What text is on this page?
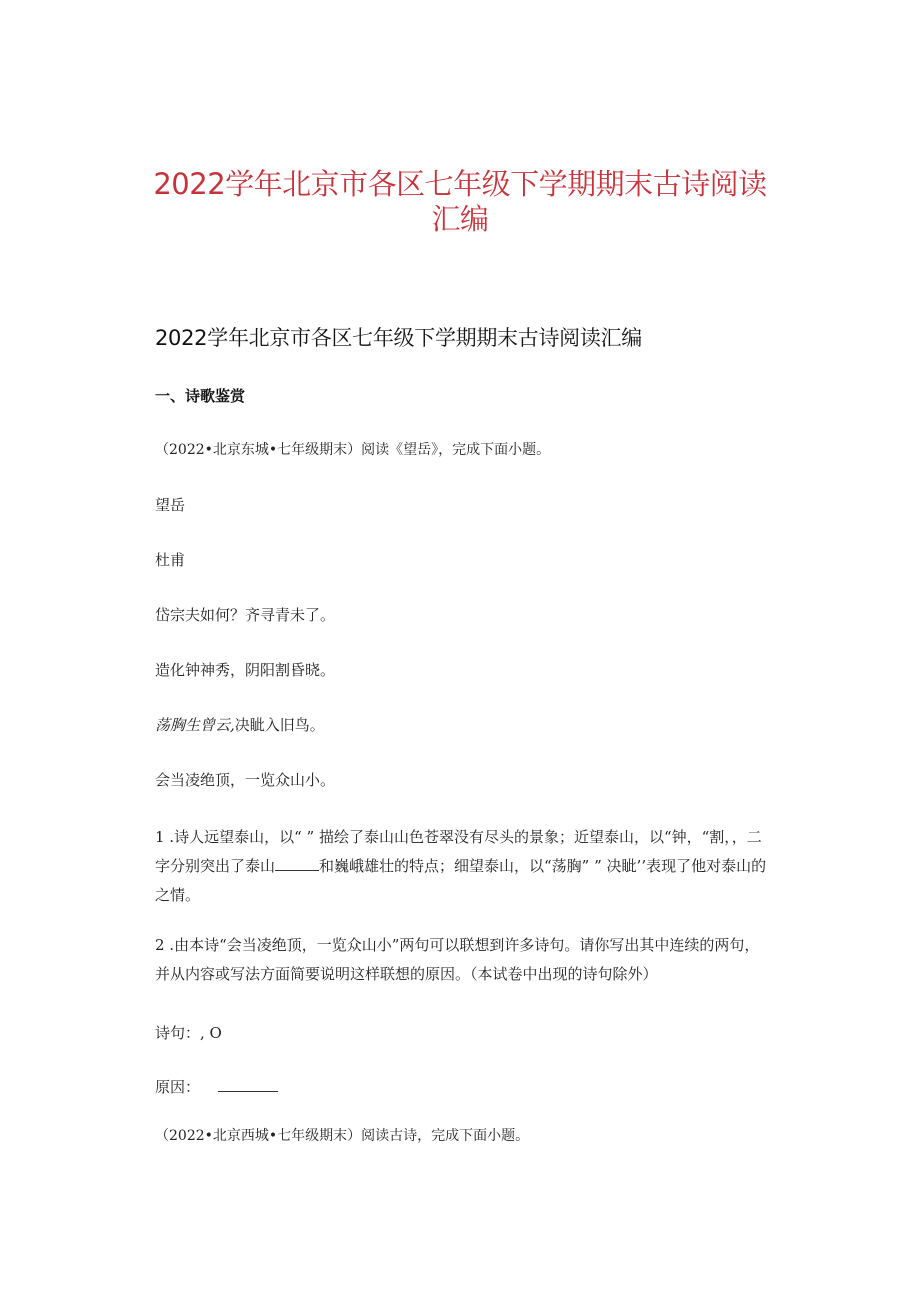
2022学年北京市各区七年级下学期期末古诗阅读
汇编
2022学年北京市各区七年级下学期期末古诗阅读汇编
一、诗歌鉴赏
（2022•北京东城•七年级期末）阅读《望岳》，完成下面小题。
望岳
杜甫
岱宗夫如何？齐寻青未了。
造化钟神秀，阴阳割昏晓。
荡胸生曾云,决眦入旧鸟。
会当凌绝顶，一览众山小。
1 .诗人远望泰山，以“ ” 描绘了泰山山色苍翠没有尽头的景象；近望泰山，以“钟，“割，，二字分别突出了泰山	和巍峨雄壮的特点；细望泰山，以“荡胸” ” 决眦’’表现了他对泰山的之情。
2 .由本诗“会当凌绝顶，一览众山小”两句可以联想到许多诗句。请你写出其中连续的两句，并从内容或写法方面简要说明这样联想的原因。（本试卷中出现的诗句除外）
诗句：, O
原因：
（2022•北京西城•七年级期末）阅读古诗，完成下面小题。
